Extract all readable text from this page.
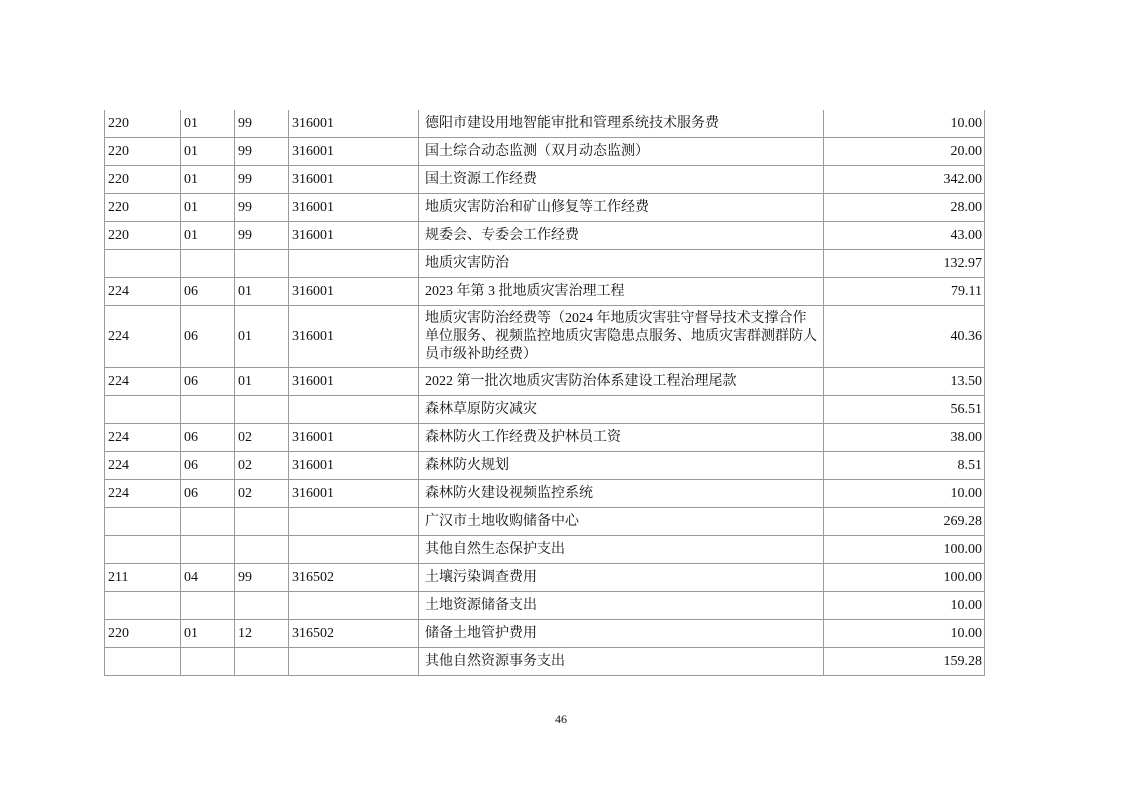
220	01	99	316001	德阳市建设用地智能审批和管理系统技术服务费	10.00
220	01	99	316001	国土综合动态监测（双月动态监测）	20.00
220	01	99	316001	国土资源工作经费	342.00
220	01	99	316001	地质灾害防治和矿山修复等工作经费	28.00
220	01	99	316001	规委会、专委会工作经费	43.00
				地质灾害防治	132.97
224	06	01	316001	2023 年第 3 批地质灾害治理工程	79.11
224	06	01	316001	地质灾害防治经费等（2024 年地质灾害驻守督导技术支撑合作单位服务、视频监控地质灾害隐患点服务、地质灾害群测群防人员市级补助经费）	40.36
224	06	01	316001	2022 第一批次地质灾害防治体系建设工程治理尾款	13.50
				森林草原防灾减灾	56.51
224	06	02	316001	森林防火工作经费及护林员工资	38.00
224	06	02	316001	森林防火规划	8.51
224	06	02	316001	森林防火建设视频监控系统	10.00
				广汉市土地收购储备中心	269.28
				其他自然生态保护支出	100.00
211	04	99	316502	土壤污染调查费用	100.00
				土地资源储备支出	10.00
220	01	12	316502	储备土地管护费用	10.00
				其他自然资源事务支出	159.28
46
